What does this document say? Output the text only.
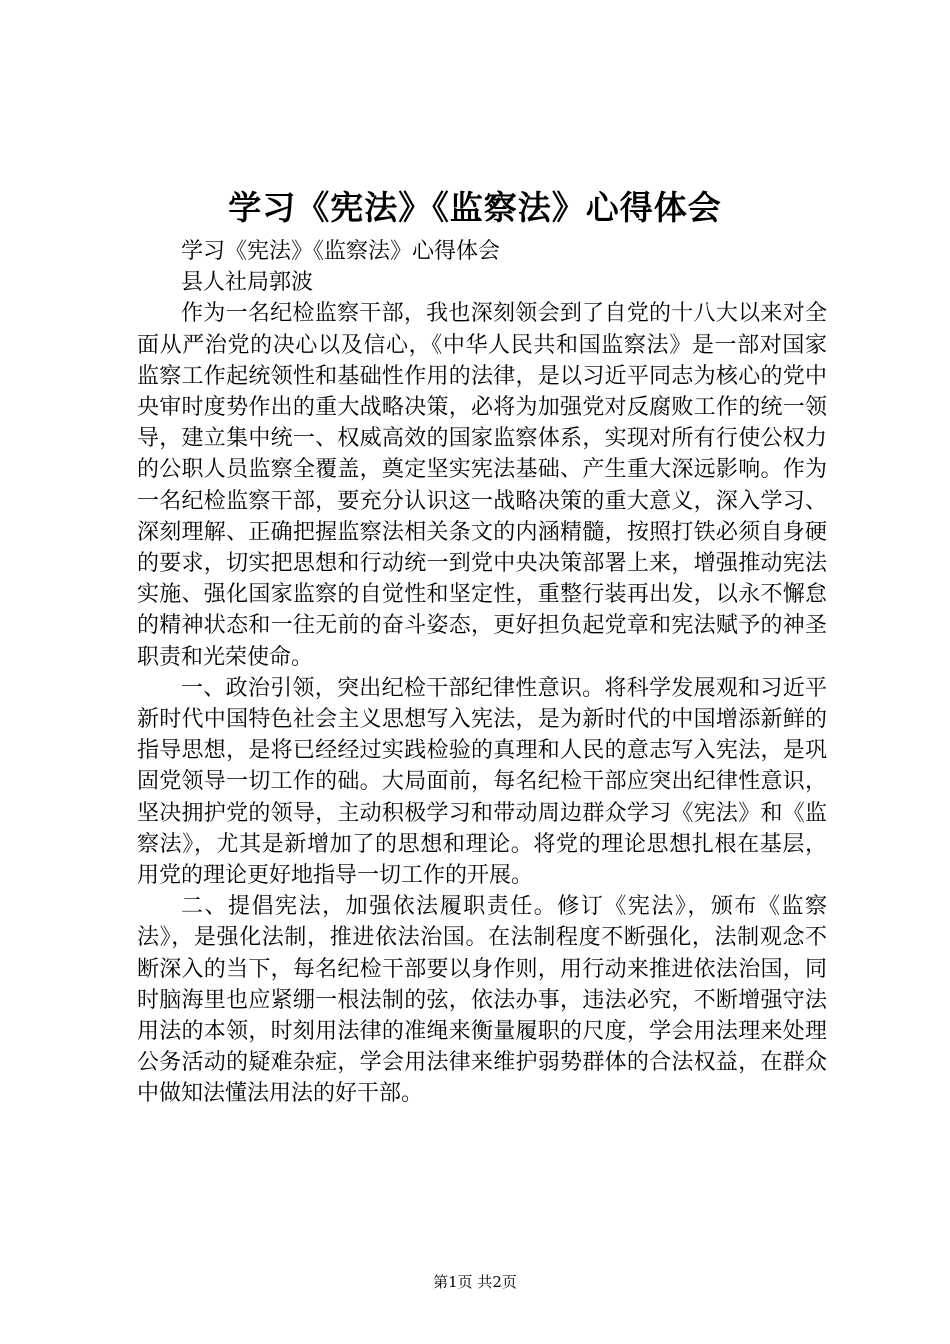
学习《宪法》《监察法》心得体会

学习《宪法》《监察法》心得体会

县人社局郭波

作为一名纪检监察干部，我也深刻领会到了自党的十八大以来对全面从严治党的决心以及信心，《中华人民共和国监察法》是一部对国家监察工作起统领性和基础性作用的法律，是以习近平同志为核心的党中央审时度势作出的重大战略决策，必将为加强党对反腐败工作的统一领导，建立集中统一、权威高效的国家监察体系，实现对所有行使公权力的公职人员监察全覆盖，奠定坚实宪法基础、产生重大深远影响。作为一名纪检监察干部，要充分认识这一战略决策的重大意义，深入学习、深刻理解、正确把握监察法相关条文的内涵精髓，按照打铁必须自身硬的要求，切实把思想和行动统一到党中央决策部署上来，增强推动宪法实施、强化国家监察的自觉性和坚定性，重整行装再出发，以永不懈怠的精神状态和一往无前的奋斗姿态，更好担负起党章和宪法赋予的神圣职责和光荣使命。

一、政治引领，突出纪检干部纪律性意识。将科学发展观和习近平新时代中国特色社会主义思想写入宪法，是为新时代的中国增添新鲜的指导思想，是将已经经过实践检验的真理和人民的意志写入宪法，是巩固党领导一切工作的础。大局面前，每名纪检干部应突出纪律性意识，坚决拥护党的领导，主动积极学习和带动周边群众学习《宪法》和《监察法》，尤其是新增加了的思想和理论。将党的理论思想扎根在基层，用党的理论更好地指导一切工作的开展。

二、提倡宪法，加强依法履职责任。修订《宪法》，颁布《监察法》，是强化法制，推进依法治国。在法制程度不断强化，法制观念不断深入的当下，每名纪检干部要以身作则，用行动来推进依法治国，同时脑海里也应紧绷一根法制的弦，依法办事，违法必究，不断增强守法用法的本领，时刻用法律的准绳来衡量履职的尺度，学会用法理来处理公务活动的疑难杂症，学会用法律来维护弱势群体的合法权益，在群众中做知法懂法用法的好干部。

第1页 共2页
